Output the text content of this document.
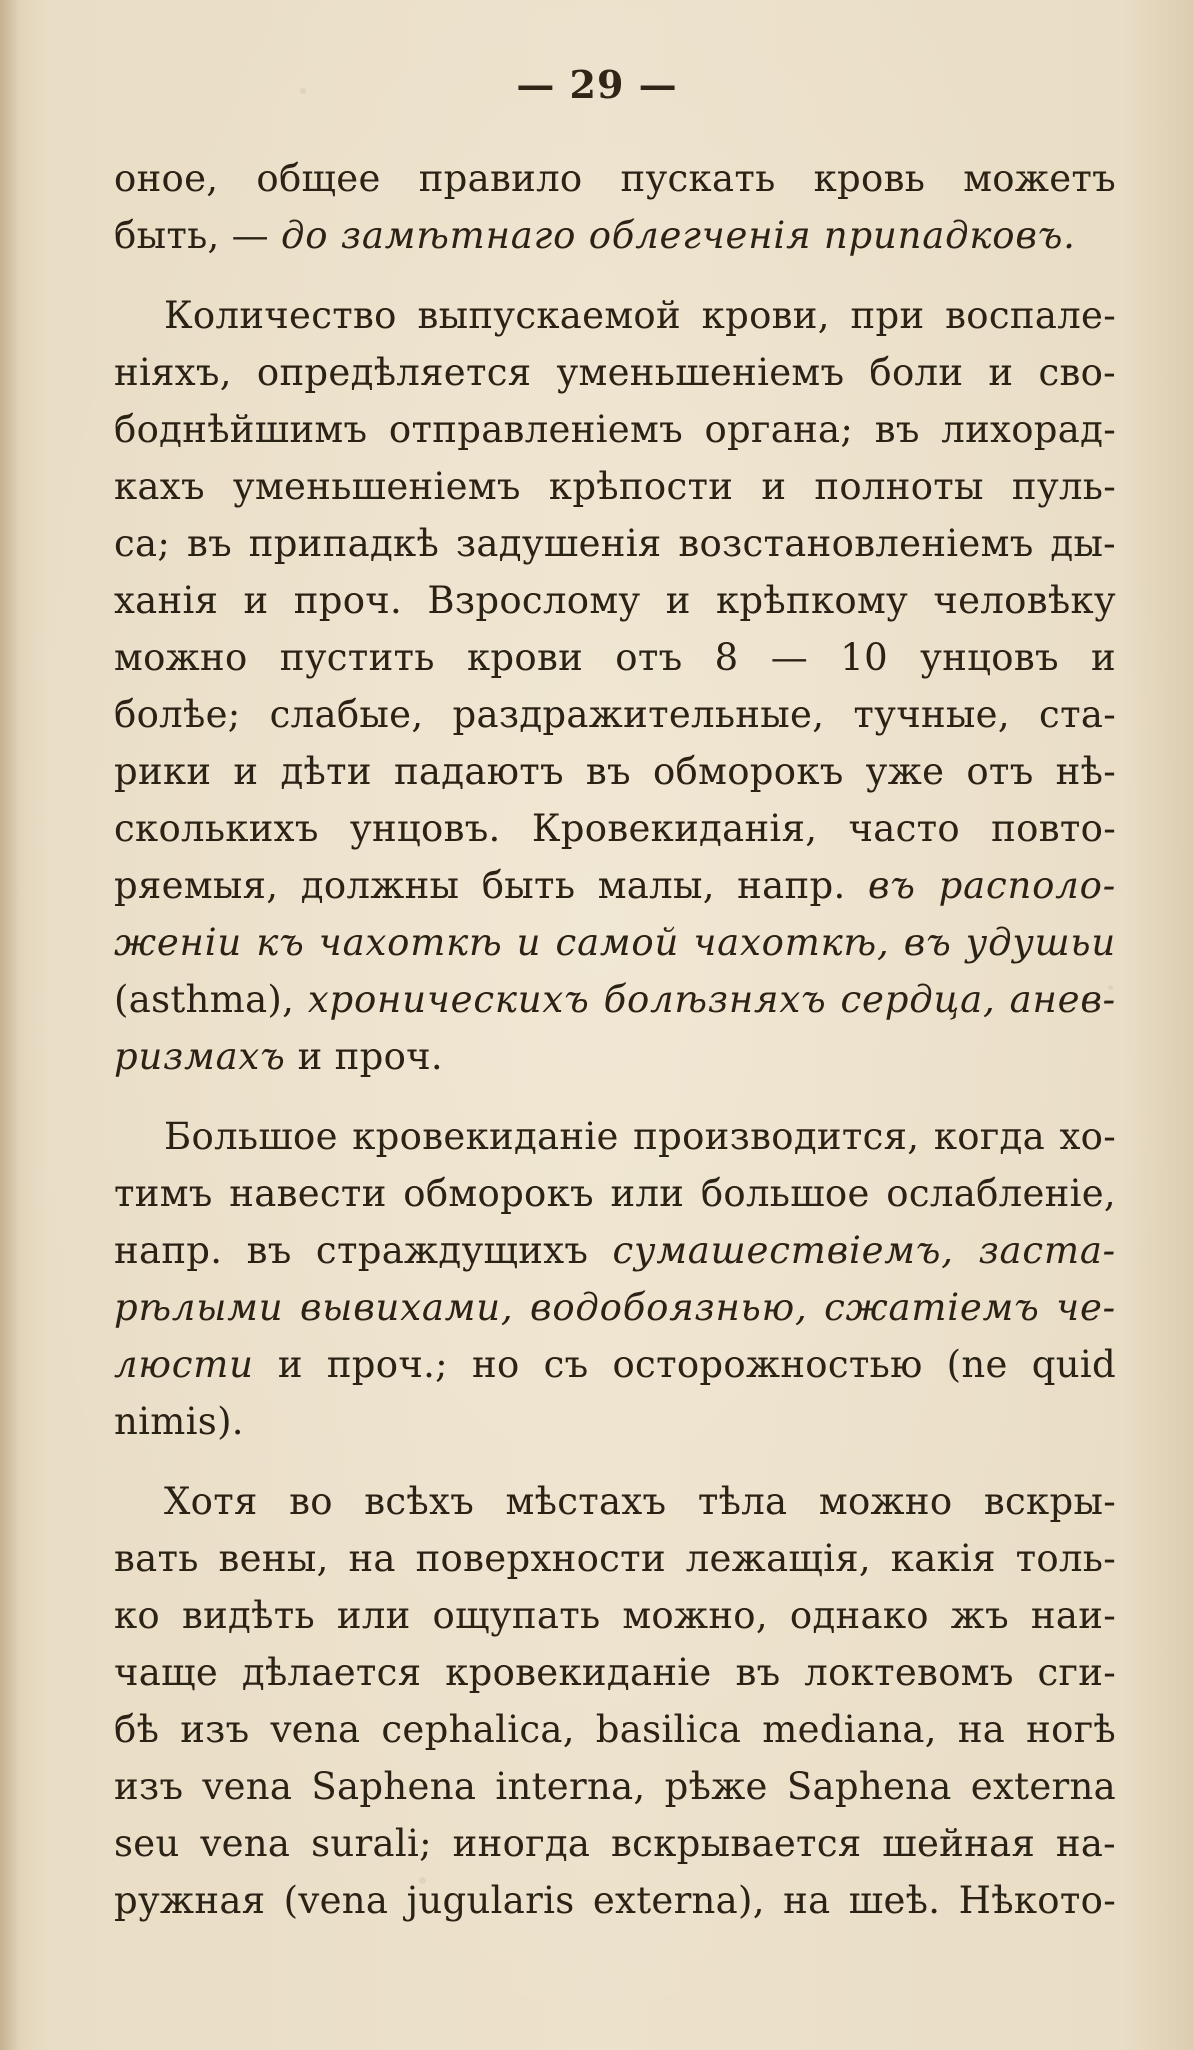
— 29 —

оное, общее правило пускать кровь можетъ

быть, — до замѣтнаго облегченія припадковъ.

Количество выпускаемой крови, при воспале-

ніяхъ, опредѣляется уменьшеніемъ боли и сво-

боднѣйшимъ отправленіемъ органа; въ лихорад-

кахъ уменьшеніемъ крѣпости и полноты пуль-

са; въ припадкѣ задушенія возстановленіемъ ды-

ханія и проч. Взрослому и крѣпкому человѣку

можно пустить крови отъ 8 — 10 унцовъ и

болѣе; слабые, раздражительные, тучные, ста-

рики и дѣти падаютъ въ обморокъ уже отъ нѣ-

сколькихъ унцовъ. Кровекиданія, часто повто-

ряемыя, должны быть малы, напр. въ располо-

женіи къ чахоткѣ и самой чахоткѣ, въ удушьи

(asthma), хроническихъ болѣзняхъ сердца, анев-

ризмахъ и проч.

Большое кровекиданіе производится, когда хо-

тимъ навести обморокъ или большое ослабленіе,

напр. въ страждущихъ сумашествіемъ, заста-

рѣлыми вывихами, водобоязнью, сжатіемъ че-

люсти и проч.; но съ осторожностью (ne quid

nimis).

Хотя во всѣхъ мѣстахъ тѣла можно вскры-

вать вены, на поверхности лежащія, какія толь-

ко видѣть или ощупать можно, однако жъ наи-

чаще дѣлается кровекиданіе въ локтевомъ сги-

бѣ изъ vena cephalica, basilica mediana, на ногѣ

изъ vena Saphena interna, рѣже Saphena externa

seu vena surali; иногда вскрывается шейная на-

ружная (vena jugularis externa), на шеѣ. Нѣкото-
